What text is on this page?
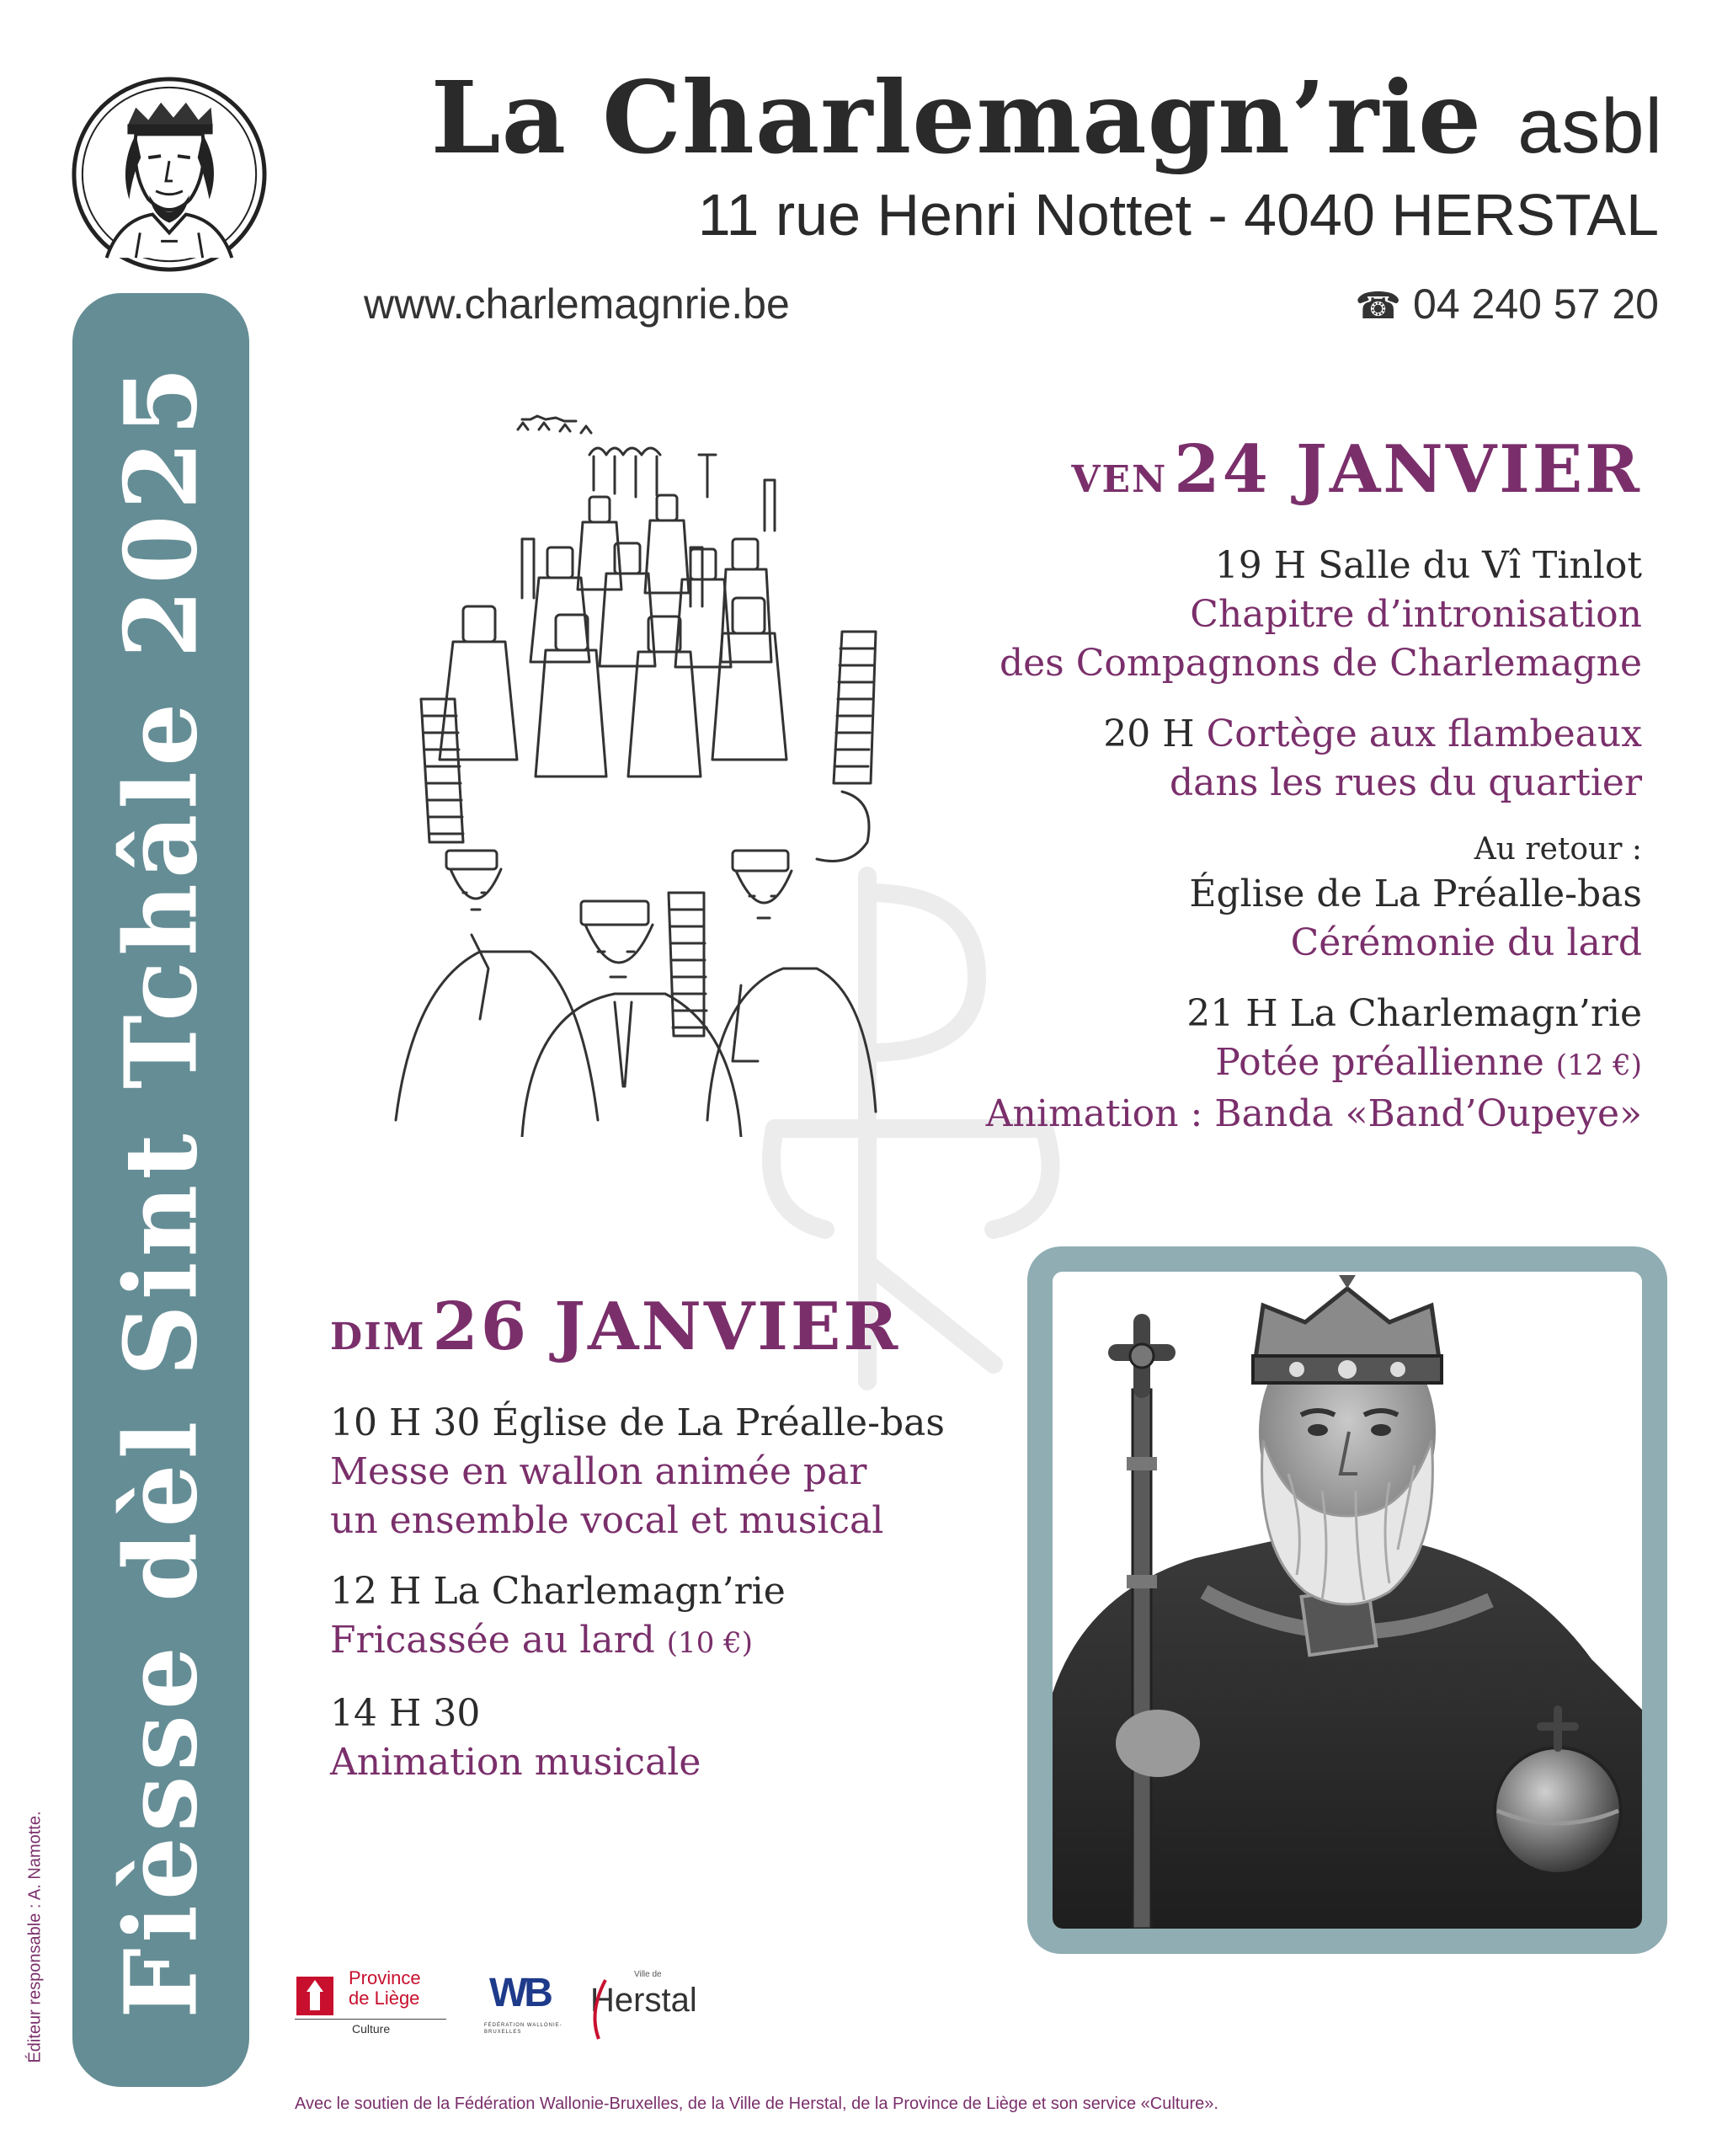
La Charlemagn’rie asbl
11 rue Henri Nottet - 4040 HERSTAL
www.charlemagnrie.be	☎ 04 240 57 20
Fièsse dèl Sint Tchâle 2025
Éditeur responsable : A. Namotte.
VEN 24 JANVIER
19 H Salle du Vî Tinlot
Chapitre d’intronisation
des Compagnons de Charlemagne
20 H Cortège aux flambeaux
dans les rues du quartier
Au retour :
Église de La Préalle-bas
Cérémonie du lard
21 H La Charlemagn’rie
Potée préallienne (12 €)
Animation : Banda «Band’Oupeye»
DIM 26 JANVIER
10 H 30 Église de La Préalle-bas
Messe en wallon animée par
un ensemble vocal et musical
12 H La Charlemagn’rie
Fricassée au lard (10 €)
14 H 30
Animation musicale
Province
de Liège
Culture
WB
FÉDÉRATION WALLONIE-BRUXELLES
Ville de
Herstal
Avec le soutien de la Fédération Wallonie-Bruxelles, de la Ville de Herstal, de la Province de Liège et son service «Culture».
